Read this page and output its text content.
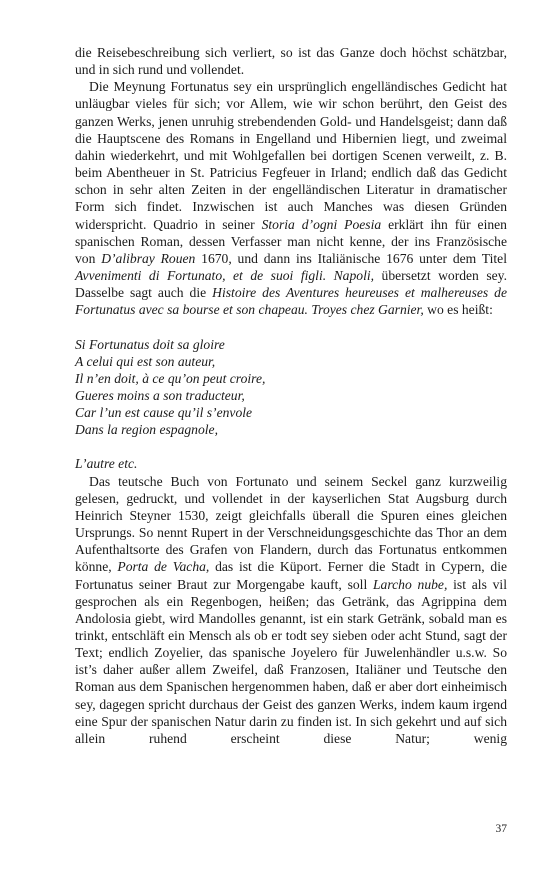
die Reisebeschreibung sich verliert, so ist das Ganze doch höchst schätzbar, und in sich rund und vollendet.

Die Meynung Fortunatus sey ein ursprünglich engelländisches Gedicht hat unläugbar vieles für sich; vor Allem, wie wir schon berührt, den Geist des ganzen Werks, jenen unruhig strebendenden Gold- und Handelsgeist; dann daß die Hauptscene des Romans in Engelland und Hibernien liegt, und zweimal dahin wiederkehrt, und mit Wohlgefallen bei dortigen Scenen verweilt, z. B. beim Abentheuer in St. Patricius Fegfeuer in Irland; endlich daß das Gedicht schon in sehr alten Zeiten in der engelländischen Literatur in dramatischer Form sich findet. Inzwischen ist auch Manches was diesen Gründen widerspricht. Quadrio in seiner Storia d’ogni Poesia erklärt ihn für einen spanischen Roman, dessen Verfasser man nicht kenne, der ins Französische von D’alibray Rouen 1670, und dann ins Italiänische 1676 unter dem Titel Avvenimenti di Fortunato, et de suoi figli. Napoli, übersetzt worden sey. Dasselbe sagt auch die Histoire des Aventures heureuses et malhereuses de Fortunatus avec sa bourse et son chapeau. Troyes chez Garnier, wo es heißt:

Si Fortunatus doit sa gloire
A celui qui est son auteur,
Il n’en doit, à ce qu’on peut croire,
Gueres moins a son traducteur,
Car l’un est cause qu’il s’envole
Dans la region espagnole,
L’autre etc.

Das teutsche Buch von Fortunato und seinem Seckel ganz kurzweilig gelesen, gedruckt, und vollendet in der kayserlichen Stat Augsburg durch Heinrich Steyner 1530, zeigt gleichfalls überall die Spuren eines gleichen Ursprungs. So nennt Rupert in der Verschneidungsgeschichte das Thor an dem Aufenthaltsorte des Grafen von Flandern, durch das Fortunatus entkommen könne, Porta de Vacha, das ist die Küport. Ferner die Stadt in Cypern, die Fortunatus seiner Braut zur Morgengabe kauft, soll Larcho nube, ist als vil gesprochen als ein Regenbogen, heißen; das Getränk, das Agrippina dem Andolosia giebt, wird Mandolles genannt, ist ein stark Getränk, sobald man es trinkt, entschläft ein Mensch als ob er todt sey sieben oder acht Stund, sagt der Text; endlich Zoyelier, das spanische Joyelero für Juwelenhändler u.s.w. So ist’s daher außer allem Zweifel, daß Franzosen, Italiäner und Teutsche den Roman aus dem Spanischen hergenommen haben, daß er aber dort einheimisch sey, dagegen spricht durchaus der Geist des ganzen Werks, indem kaum irgend eine Spur der spanischen Natur darin zu finden ist. In sich gekehrt und auf sich allein ruhend erscheint diese Natur; wenig

37
